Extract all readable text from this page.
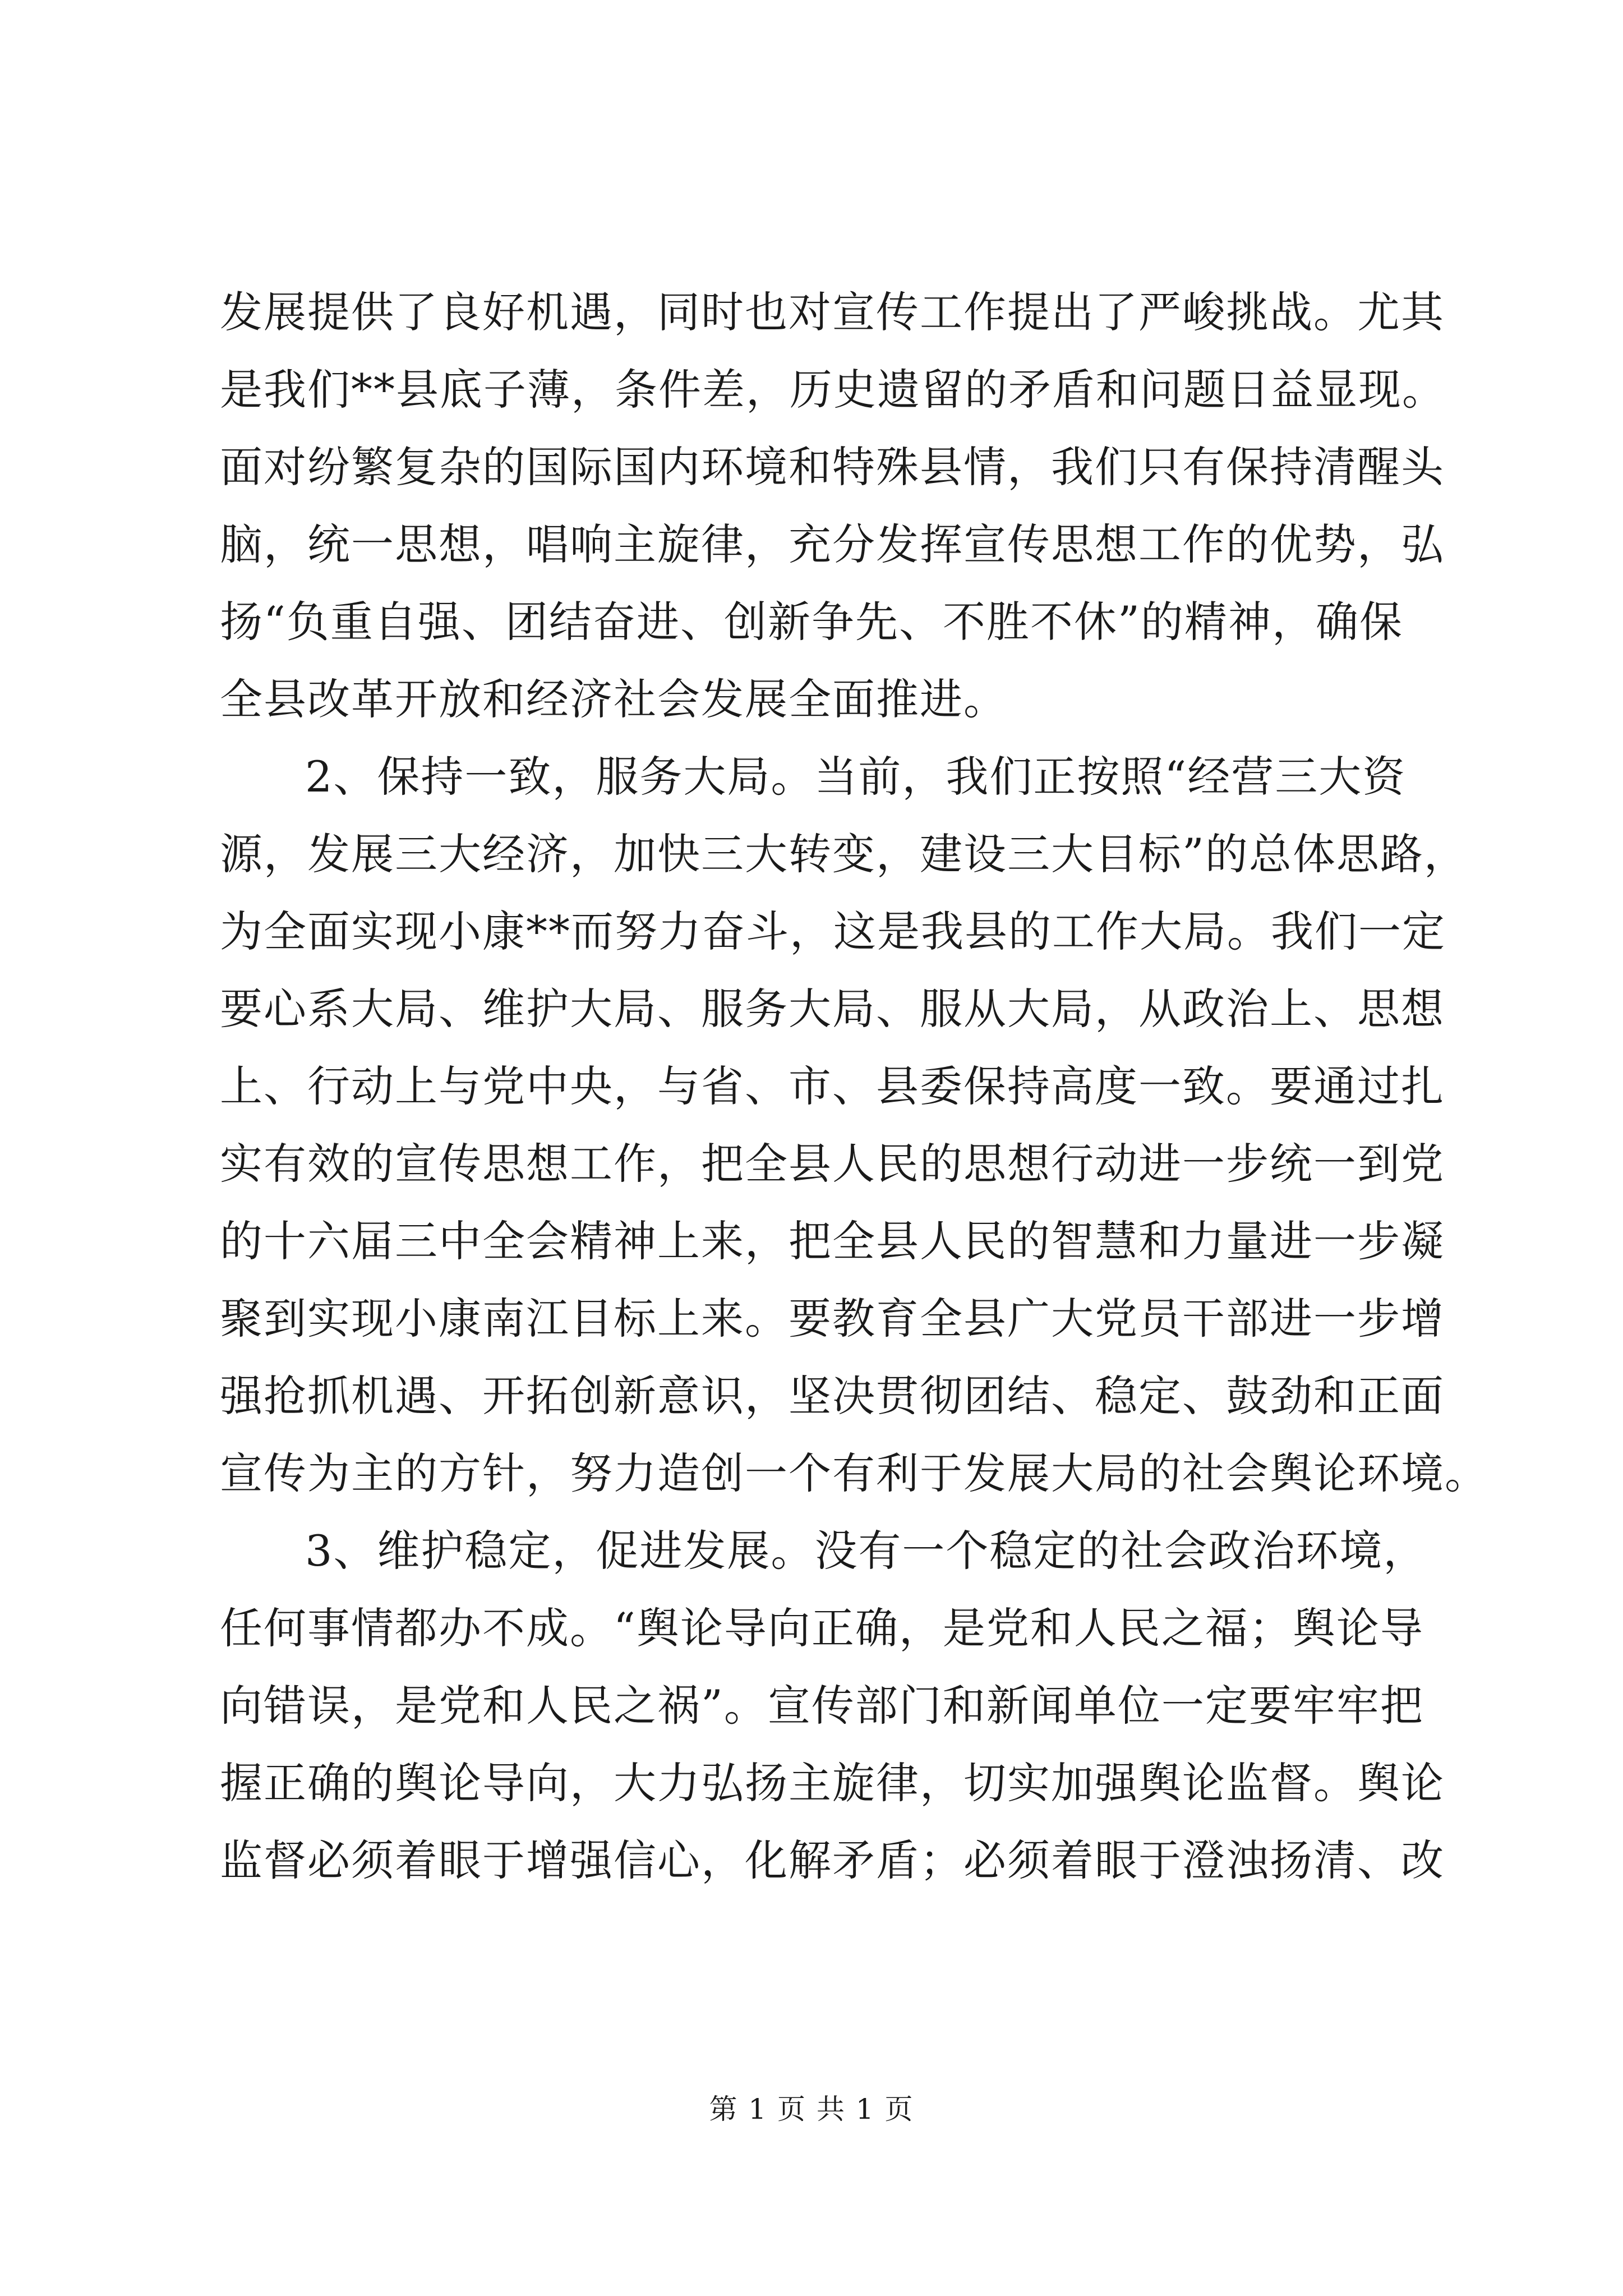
发展提供了良好机遇，同时也对宣传工作提出了严峻挑战。尤其
是我们**县底子薄，条件差，历史遗留的矛盾和问题日益显现。
面对纷繁复杂的国际国内环境和特殊县情，我们只有保持清醒头
脑，统一思想，唱响主旋律，充分发挥宣传思想工作的优势，弘
扬“负重自强、团结奋进、创新争先、不胜不休”的精神，确保
全县改革开放和经济社会发展全面推进。
2、保持一致，服务大局。当前，我们正按照“经营三大资
源，发展三大经济，加快三大转变，建设三大目标”的总体思路，
为全面实现小康**而努力奋斗，这是我县的工作大局。我们一定
要心系大局、维护大局、服务大局、服从大局，从政治上、思想
上、行动上与党中央，与省、市、县委保持高度一致。要通过扎
实有效的宣传思想工作，把全县人民的思想行动进一步统一到党
的十六届三中全会精神上来，把全县人民的智慧和力量进一步凝
聚到实现小康南江目标上来。要教育全县广大党员干部进一步增
强抢抓机遇、开拓创新意识，坚决贯彻团结、稳定、鼓劲和正面
宣传为主的方针，努力造创一个有利于发展大局的社会舆论环境。
3、维护稳定，促进发展。没有一个稳定的社会政治环境，
任何事情都办不成。“舆论导向正确，是党和人民之福；舆论导
向错误，是党和人民之祸”。宣传部门和新闻单位一定要牢牢把
握正确的舆论导向，大力弘扬主旋律，切实加强舆论监督。舆论
监督必须着眼于增强信心，化解矛盾；必须着眼于澄浊扬清、改
第 1 页 共 1 页
